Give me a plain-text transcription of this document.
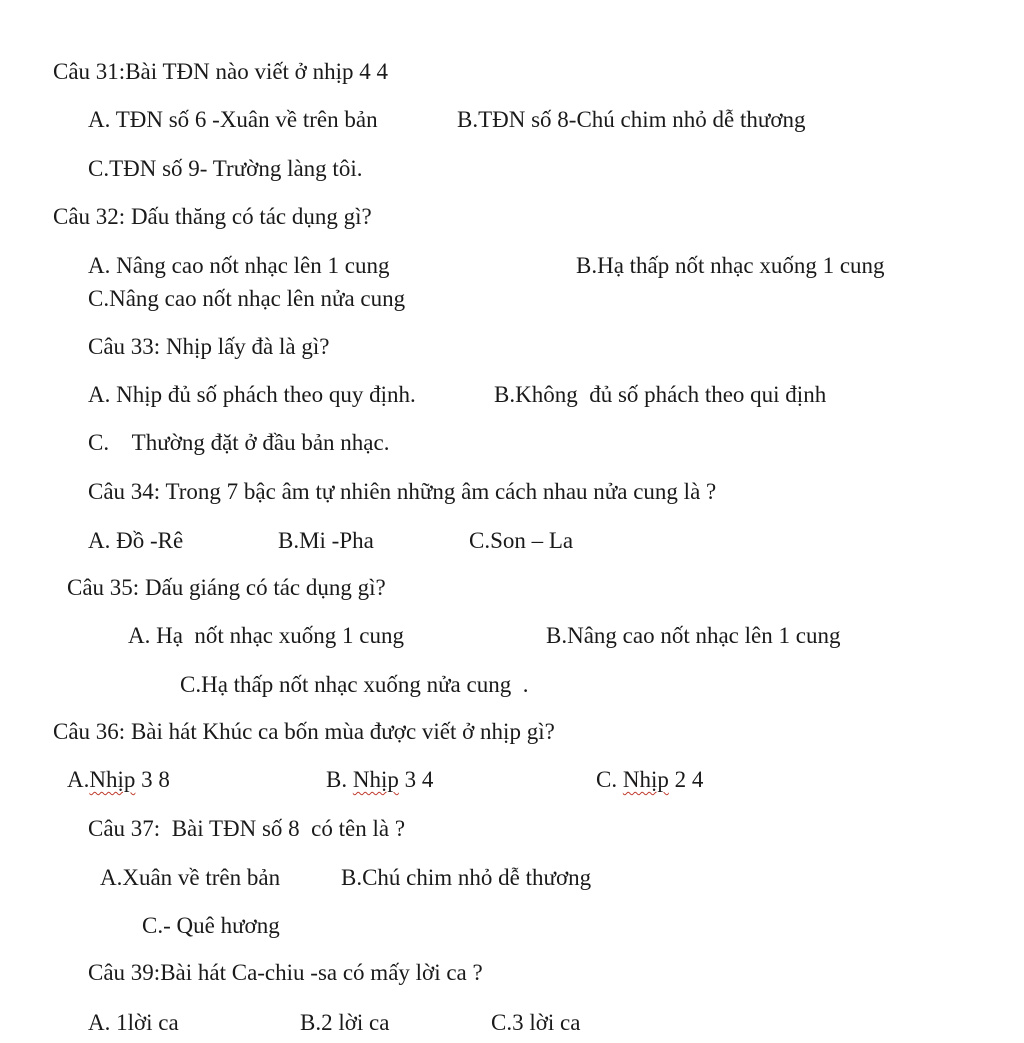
Câu 31:Bài TĐN nào viết ở nhịp 4 4
A. TĐN số 6 -Xuân về trên bản	B.TĐN số 8-Chú chim nhỏ dễ thương
C.TĐN số 9- Trường làng tôi.
Câu 32: Dấu thăng có tác dụng gì?
A. Nâng cao nốt nhạc lên 1 cung	B.Hạ thấp nốt nhạc xuống 1 cung
C.Nâng cao nốt nhạc lên nửa cung
Câu 33: Nhịp lấy đà là gì?
A. Nhịp đủ số phách theo quy định.	B.Không  đủ số phách theo qui định
C.    Thường đặt ở đầu bản nhạc.
Câu 34: Trong 7 bậc âm tự nhiên những âm cách nhau nửa cung là ?
A. Đồ -Rê	B.Mi -Pha	C.Son – La
Câu 35: Dấu giáng có tác dụng gì?
A. Hạ  nốt nhạc xuống 1 cung	B.Nâng cao nốt nhạc lên 1 cung
C.Hạ thấp nốt nhạc xuống nửa cung  .
Câu 36: Bài hát Khúc ca bốn mùa được viết ở nhịp gì?
A.Nhịp 3 8	B. Nhịp 3 4	C. Nhịp 2 4
Câu 37:  Bài TĐN số 8  có tên là ?
A.Xuân về trên bản	B.Chú chim nhỏ dễ thương
C.- Quê hương
Câu 39:Bài hát Ca-chiu -sa có mấy lời ca ?
A. 1lời ca	B.2 lời ca	C.3 lời ca
